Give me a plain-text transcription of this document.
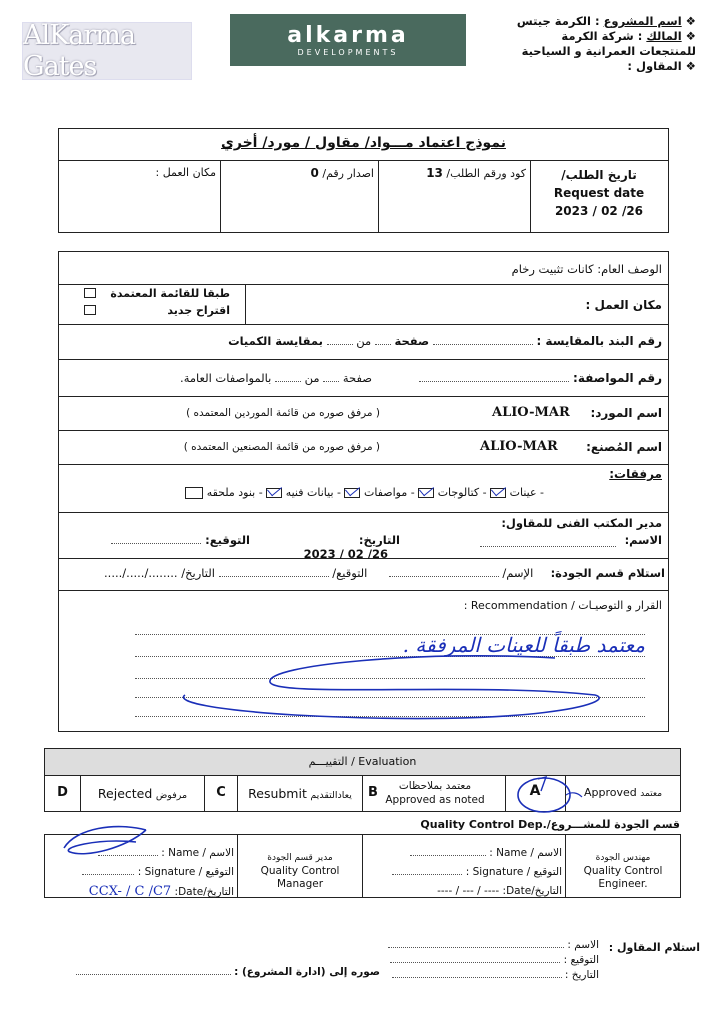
AlKarma Gates
alkarma
DEVELOPMENTS
❖ اسم المشروع : الكرمة جيتس
❖ المالك : شركة الكرمة
للمنتجعات العمرانية و السياحية
❖ المقاول :
نموذج اعتماد مـــواد/ مقاول / مورد/ أخري
تاريخ الطلب/ Request date
2023 / 02 /26
كود ورقم الطلب/ 13
اصدار رقم/ 0
مكان العمل :
الوصف العام: كانات تثبيت رخام
مكان العمل :
طبقا للقائمة المعتمدة
اقتراح جديد
رقم البند بالمقايسة :  صفحة  من  بمقايسة الكميات
رقم المواصفة:   صفحة  من  بالمواصفات العامة.
اسم المورد:
ALIO-MAR
( مرفق صوره من قائمة الموردين المعتمده )
اسم المُصنع:
ALIO-MAR
( مرفق صوره من قائمة المصنعين المعتمده )
مرفقات:
- عينات  - كتالوجات  - مواصفات  - بيانات فنيه  - بنود ملحقه
مدير المكتب الفنى للمقاول:
الاسم:
التاريخ: 2023 / 02 /26
التوقيع:
استلام قسم الجودة:  الإسم/   التوقيع/  التاريخ/ ...../...../........
القرار و التوصيـات / Recommendation :
معتمد طبقاً للعينات المرفقة .
التقييـــم / Evaluation
Approved معتمد
A
معتمد بملاحظات
Approved as noted
B
Resubmit يعادالتقديم
C
Rejected مرفوض
D
قسم الجودة للمشـــروع/.Quality Control Dep
مهندس الجودة
Quality Control Engineer.
الاسم / Name :
التوقيع / Signature :
التاريخ/Date: ---- / --- / ----
مدير قسم الجودة
Quality Control Manager
الاسم / Name :
التوقيع / Signature :
التاريخ/Date: CCX- / C /C7
استلام المقاول :
الاسم :
التوقيع :
التاريخ :
صوره إلى (ادارة المشروع) :
